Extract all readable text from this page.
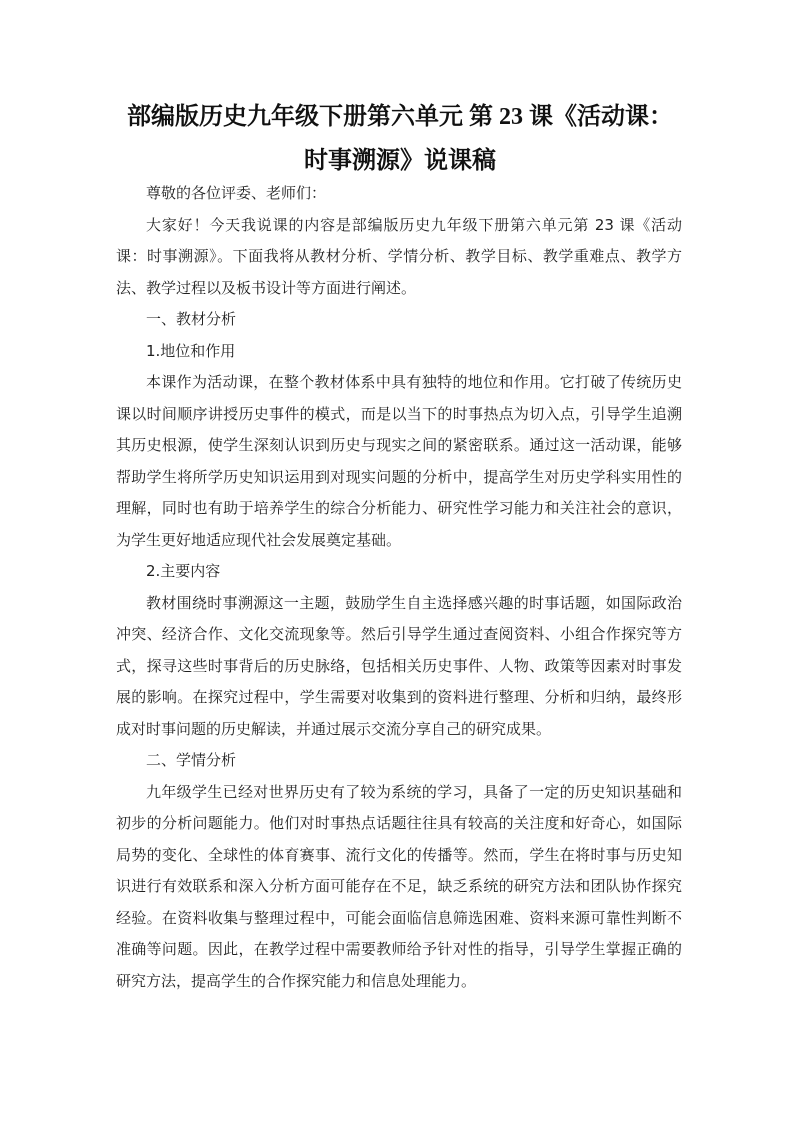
部编版历史九年级下册第六单元 第 23 课《活动课：
时事溯源》说课稿

尊敬的各位评委、老师们：

大家好！今天我说课的内容是部编版历史九年级下册第六单元第 23 课《活动课：时事溯源》。下面我将从教材分析、学情分析、教学目标、教学重难点、教学方法、教学过程以及板书设计等方面进行阐述。

一、教材分析

1.地位和作用

本课作为活动课，在整个教材体系中具有独特的地位和作用。它打破了传统历史课以时间顺序讲授历史事件的模式，而是以当下的时事热点为切入点，引导学生追溯其历史根源，使学生深刻认识到历史与现实之间的紧密联系。通过这一活动课，能够帮助学生将所学历史知识运用到对现实问题的分析中，提高学生对历史学科实用性的理解，同时也有助于培养学生的综合分析能力、研究性学习能力和关注社会的意识，为学生更好地适应现代社会发展奠定基础。

2.主要内容

教材围绕时事溯源这一主题，鼓励学生自主选择感兴趣的时事话题，如国际政治冲突、经济合作、文化交流现象等。然后引导学生通过查阅资料、小组合作探究等方式，探寻这些时事背后的历史脉络，包括相关历史事件、人物、政策等因素对时事发展的影响。在探究过程中，学生需要对收集到的资料进行整理、分析和归纳，最终形成对时事问题的历史解读，并通过展示交流分享自己的研究成果。

二、学情分析

九年级学生已经对世界历史有了较为系统的学习，具备了一定的历史知识基础和初步的分析问题能力。他们对时事热点话题往往具有较高的关注度和好奇心，如国际局势的变化、全球性的体育赛事、流行文化的传播等。然而，学生在将时事与历史知识进行有效联系和深入分析方面可能存在不足，缺乏系统的研究方法和团队协作探究经验。在资料收集与整理过程中，可能会面临信息筛选困难、资料来源可靠性判断不准确等问题。因此，在教学过程中需要教师给予针对性的指导，引导学生掌握正确的研究方法，提高学生的合作探究能力和信息处理能力。
